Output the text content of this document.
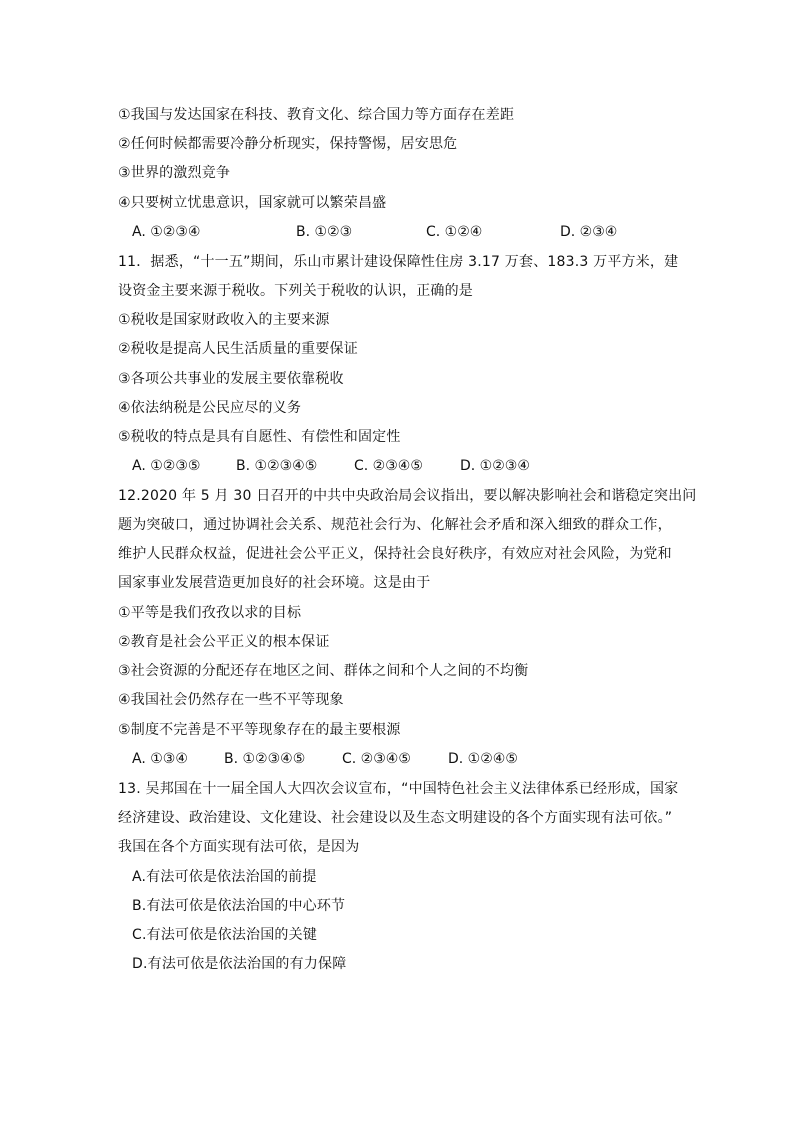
①我国与发达国家在科技、教育文化、综合国力等方面存在差距
②任何时候都需要冷静分析现实，保持警惕，居安思危
③世界的激烈竞争
④只要树立忧患意识，国家就可以繁荣昌盛
A. ①②③④	B. ①②③	C. ①②④	D. ②③④
11．据悉，“十一五”期间，乐山市累计建设保障性住房 3.17 万套、183.3 万平方米，建
设资金主要来源于税收。下列关于税收的认识，正确的是
①税收是国家财政收入的主要来源
②税收是提高人民生活质量的重要保证
③各项公共事业的发展主要依靠税收
④依法纳税是公民应尽的义务
⑤税收的特点是具有自愿性、有偿性和固定性
A. ①②③⑤	B. ①②③④⑤	C. ②③④⑤	D. ①②③④
12.2020 年 5 月 30 日召开的中共中央政治局会议指出，要以解决影响社会和谐稳定突出问
题为突破口，通过协调社会关系、规范社会行为、化解社会矛盾和深入细致的群众工作，
维护人民群众权益，促进社会公平正义，保持社会良好秩序，有效应对社会风险，为党和
国家事业发展营造更加良好的社会环境。这是由于
①平等是我们孜孜以求的目标
②教育是社会公平正义的根本保证
③社会资源的分配还存在地区之间、群体之间和个人之间的不均衡
④我国社会仍然存在一些不平等现象
⑤制度不完善是不平等现象存在的最主要根源
A. ①③④	B. ①②③④⑤	C. ②③④⑤	D. ①②④⑤
13. 吴邦国在十一届全国人大四次会议宣布，“中国特色社会主义法律体系已经形成，国家
经济建设、政治建设、文化建设、社会建设以及生态文明建设的各个方面实现有法可依。”
我国在各个方面实现有法可依，是因为
A.有法可依是依法治国的前提
B.有法可依是依法治国的中心环节
C.有法可依是依法治国的关键
D.有法可依是依法治国的有力保障
